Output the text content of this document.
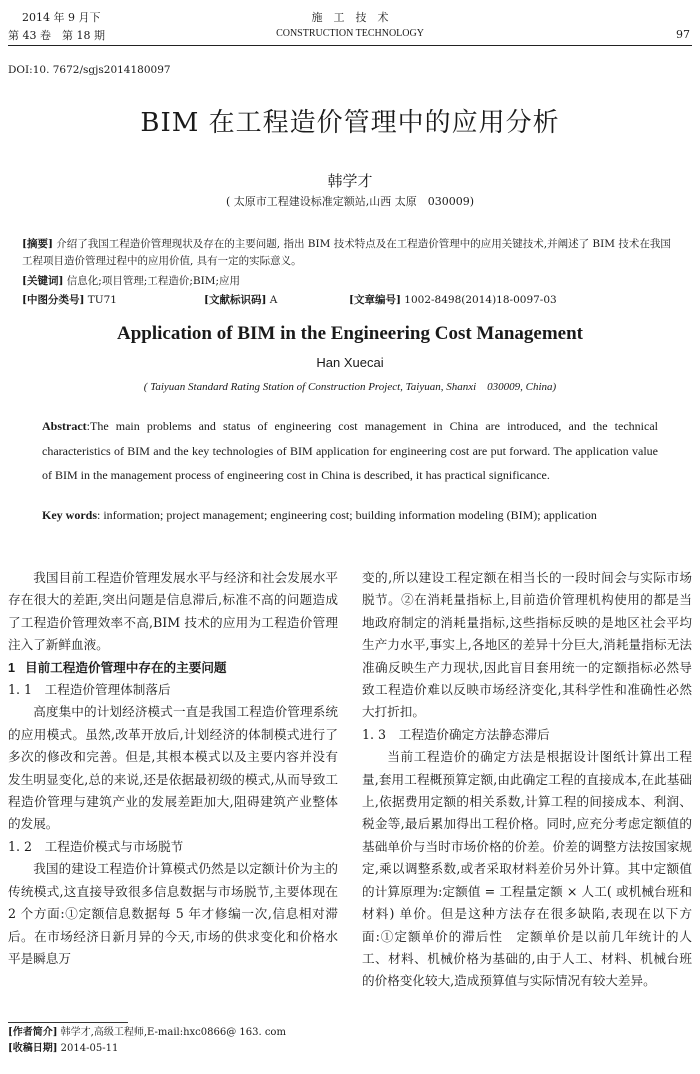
2014 年 9 月下
第 43 卷　第 18 期
施　工　技　术
CONSTRUCTION TECHNOLOGY	97
DOI:10. 7672/sgjs2014180097
BIM 在工程造价管理中的应用分析
韩学才
( 太原市工程建设标准定额站,山西 太原　030009)
[摘要] 介绍了我国工程造价管理现状及存在的主要问题, 指出 BIM 技术特点及在工程造价管理中的应用关键技术,并阐述了 BIM 技术在我国工程项目造价管理过程中的应用价值, 具有一定的实际意义。
[关键词] 信息化;项目管理;工程造价;BIM;应用
[中图分类号] TU71	[文献标识码] A	[文章编号] 1002-8498(2014)18-0097-03
Application of BIM in the Engineering Cost Management
Han Xuecai
( Taiyuan Standard Rating Station of Construction Project, Taiyuan, Shanxi　030009, China)
Abstract:The main problems and status of engineering cost management in China are introduced, and the technical characteristics of BIM and the key technologies of BIM application for engineering cost are put forward. The application value of BIM in the management process of engineering cost in China is described, it has practical significance.
Key words: information; project management; engineering cost; building information modeling (BIM); application

我国目前工程造价管理发展水平与经济和社会发展水平存在很大的差距,突出问题是信息滞后,标准不高的问题造成了工程造价管理效率不高,BIM 技术的应用为工程造价管理注入了新鲜血液。

1 目前工程造价管理中存在的主要问题
1. 1　工程造价管理体制落后

高度集中的计划经济模式一直是我国工程造价管理系统的应用模式。虽然,改革开放后,计划经济的体制模式进行了多次的修改和完善。但是,其根本模式以及主要内容并没有发生明显变化,总的来说,还是依据最初级的模式,从而导致工程造价管理与建筑产业的发展差距加大,阻碍建筑产业整体的发展。

1. 2　工程造价模式与市场脱节

我国的建设工程造价计算模式仍然是以定额计价为主的传统模式,这直接导致很多信息数据与市场脱节,主要体现在 2 个方面:①定额信息数据每 5 年才修编一次,信息相对滞后。在市场经济日新月异的今天,市场的供求变化和价格水平是瞬息万

变的,所以建设工程定额在相当长的一段时间会与实际市场脱节。②在消耗量指标上,目前造价管理机构使用的都是当地政府制定的消耗量指标,这些指标反映的是地区社会平均生产力水平,事实上,各地区的差异十分巨大,消耗量指标无法准确反映生产力现状,因此盲目套用统一的定额指标必然导致工程造价难以反映市场经济变化,其科学性和准确性必然大打折扣。

1. 3　工程造价确定方法静态滞后

当前工程造价的确定方法是根据设计图纸计算出工程量,套用工程概预算定额,由此确定工程的直接成本,在此基础上,依据费用定额的相关系数,计算工程的间接成本、利润、税金等,最后累加得出工程价格。同时,应充分考虑定额值的基础单价与当时市场价格的价差。价差的调整方法按国家规定,乘以调整系数,或者采取材料差价另外计算。其中定额值的计算原理为:定额值 = 工程量定额 × 人工( 或机械台班和材料) 单价。但是这种方法存在很多缺陷,表现在以下方面:①定额单价的滞后性　定额单价是以前几年统计的人工、材料、机械价格为基础的,由于人工、材料、机械台班的价格变化较大,造成预算值与实际情况有较大差异。

[作者简介] 韩学才,高级工程师,E-mail:hxc0866@ 163. com
[收稿日期] 2014-05-11
